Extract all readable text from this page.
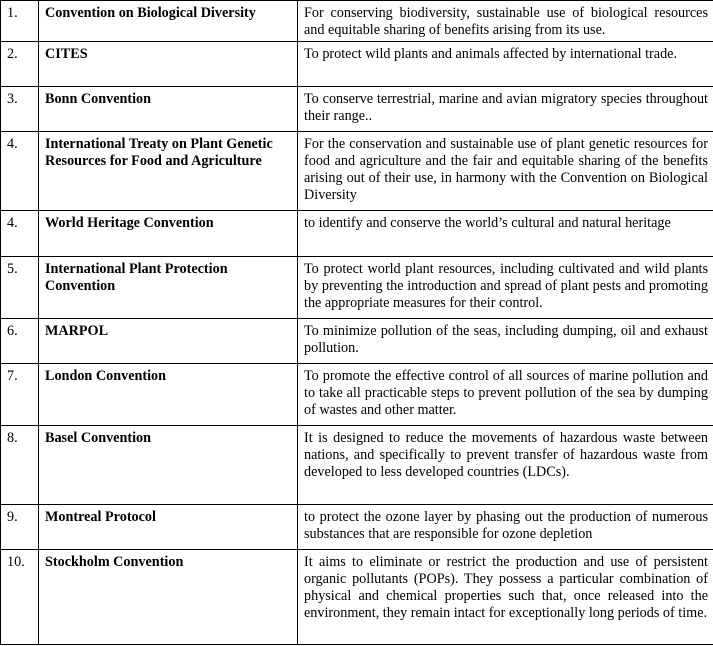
1.	Convention on Biological Diversity	For conserving biodiversity, sustainable use of biological resources and equitable sharing of benefits arising from its use.
2.	CITES	To protect wild plants and animals affected by international trade.
3.	Bonn Convention	To conserve terrestrial, marine and avian migratory species throughout their range..
4.	International Treaty on Plant Genetic Resources for Food and Agriculture	For the conservation and sustainable use of plant genetic resources for food and agriculture and the fair and equitable sharing of the benefits arising out of their use, in harmony with the Convention on Biological Diversity
4.	World Heritage Convention	to identify and conserve the world’s cultural and natural heritage
5.	International Plant Protection Convention	To protect world plant resources, including cultivated and wild plants by preventing the introduction and spread of plant pests and promoting the appropriate measures for their control.
6.	MARPOL	To minimize pollution of the seas, including dumping, oil and exhaust pollution.
7.	London Convention	To promote the effective control of all sources of marine pollution and to take all practicable steps to prevent pollution of the sea by dumping of wastes and other matter.
8.	Basel Convention	It is designed to reduce the movements of hazardous waste between nations, and specifically to prevent transfer of hazardous waste from developed to less developed countries (LDCs).
9.	Montreal Protocol	to protect the ozone layer by phasing out the production of numerous substances that are responsible for ozone depletion
10.	Stockholm Convention	It aims to eliminate or restrict the production and use of persistent organic pollutants (POPs). They possess a particular combination of physical and chemical properties such that, once released into the environment, they remain intact for exceptionally long periods of time.
